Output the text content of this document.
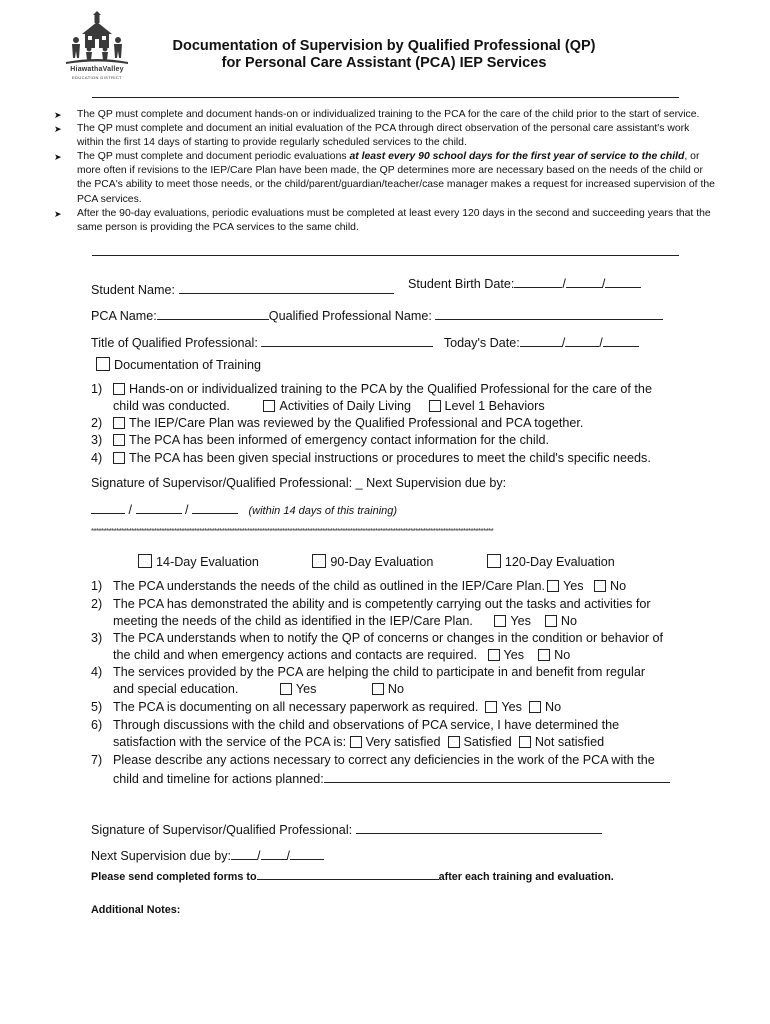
HiawathaValley
EDUCATION DISTRICT
Documentation of Supervision by Qualified Professional (QP)
for Personal Care Assistant (PCA) IEP Services
➤ The QP must complete and document hands-on or individualized training to the PCA for the care of the child prior to the start of service.
➤ The QP must complete and document an initial evaluation of the PCA through direct observation of the personal care assistant's work within the first 14 days of starting to provide regularly scheduled services to the child.
➤ The QP must complete and document periodic evaluations at least every 90 school days for the first year of service to the child, or more often if revisions to the IEP/Care Plan have been made, the QP determines more are necessary based on the needs of the child or the PCA's ability to meet those needs, or the child/parent/guardian/teacher/case manager makes a request for increased supervision of the PCA services.
➤ After the 90-day evaluations, periodic evaluations must be completed at least every 120 days in the second and succeeding years that the same person is providing the PCA services to the same child.
Student Name:	Student Birth Date:	/	/
PCA Name:	Qualified Professional Name:
Title of Qualified Professional:	Today's Date:	/	/
Documentation of Training
1) Hands-on or individualized training to the PCA by the Qualified Professional for the care of the
child was conducted.	Activities of Daily Living	Level 1 Behaviors
2) The IEP/Care Plan was reviewed by the Qualified Professional and PCA together.
3) The PCA has been informed of emergency contact information for the child.
4) The PCA has been given special instructions or procedures to meet the child's specific needs.
Signature of Supervisor/Qualified Professional: _ Next Supervision due by:
/	/	(within 14 days of this training)
****************************************************************************************************************************************************************
14-Day Evaluation	90-Day Evaluation	120-Day Evaluation
1) The PCA understands the needs of the child as outlined in the IEP/Care Plan. Yes No
2) The PCA has demonstrated the ability and is competently carrying out the tasks and activities for
meeting the needs of the child as identified in the IEP/Care Plan.	Yes No
3) The PCA understands when to notify the QP of concerns or changes in the condition or behavior of
the child and when emergency actions and contacts are required. Yes No
4) The services provided by the PCA are helping the child to participate in and benefit from regular
and special education.	Yes	No
5) The PCA is documenting on all necessary paperwork as required. Yes No
6) Through discussions with the child and observations of PCA service, I have determined the
satisfaction with the service of the PCA is: Very satisfied Satisfied Not satisfied
7) Please describe any actions necessary to correct any deficiencies in the work of the PCA with the
child and timeline for actions planned:
Signature of Supervisor/Qualified Professional:
Next Supervision due by: / /
Please send completed forms to	after each training and evaluation.
Additional Notes:
